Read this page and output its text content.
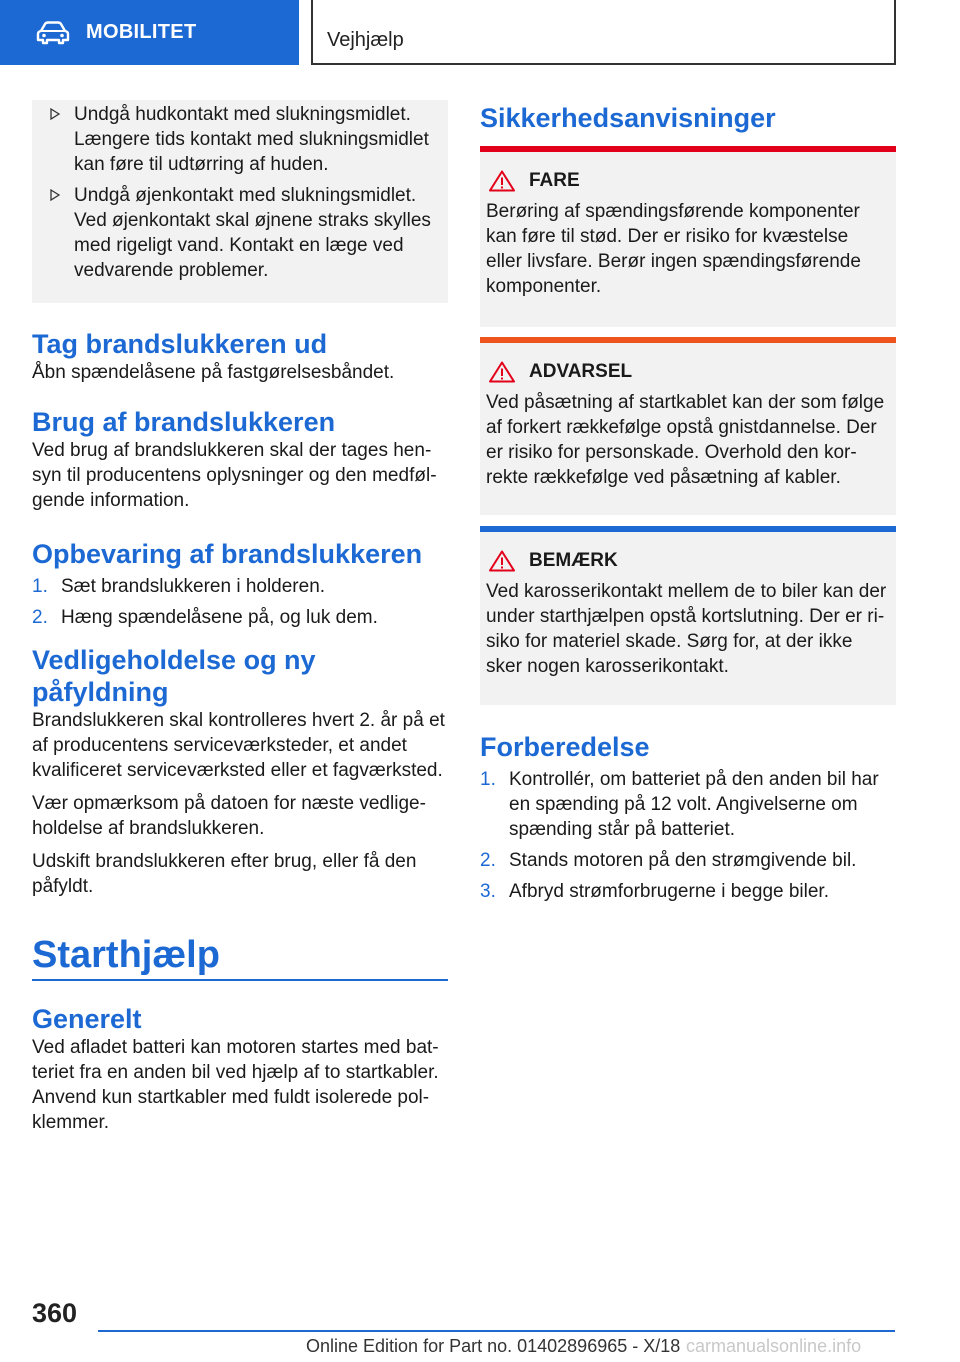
MOBILITET	Vejhjælp
Undgå hudkontakt med slukningsmidlet. Længere tids kontakt med slukningsmidlet kan føre til udtørring af huden.
Undgå øjenkontakt med slukningsmidlet. Ved øjenkontakt skal øjnene straks skylles med rigeligt vand. Kontakt en læge ved vedvarende problemer.
Tag brandslukkeren ud

Åbn spændelåsene på fastgørelsesbåndet.

Brug af brandslukkeren

Ved brug af brandslukkeren skal der tages hensyn til producentens oplysninger og den medfølgende information.

Opbevaring af brandslukkeren
1. Sæt brandslukkeren i holderen.
2. Hæng spændelåsene på, og luk dem.
Vedligeholdelse og ny påfyldning

Brandslukkeren skal kontrolleres hvert 2. år på et af producentens serviceværksteder, et andet kvalificeret serviceværksted eller et fagværksted.

Vær opmærksom på datoen for næste vedligeholdelse af brandslukkeren.

Udskift brandslukkeren efter brug, eller få den påfyldt.

Starthjælp
Generelt

Ved afladet batteri kan motoren startes med batteriet fra en anden bil ved hjælp af to startkabler. Anvend kun startkabler med fuldt isolerede polklemmer.

Sikkerhedsanvisninger
FARE

Berøring af spændingsførende komponenter kan føre til stød. Der er risiko for kvæstelse eller livsfare. Berør ingen spændingsførende komponenter.

ADVARSEL

Ved påsætning af startkablet kan der som følge af forkert rækkefølge opstå gnistdannelse. Der er risiko for personskade. Overhold den korrekte rækkefølge ved påsætning af kabler.

BEMÆRK

Ved karosserikontakt mellem de to biler kan der under starthjælpen opstå kortslutning. Der er risiko for materiel skade. Sørg for, at der ikke sker nogen karosserikontakt.

Forberedelse
1. Kontrollér, om batteriet på den anden bil har en spænding på 12 volt. Angivelserne om spænding står på batteriet.
2. Stands motoren på den strømgivende bil.
3. Afbryd strømforbrugerne i begge biler.
360
Online Edition for Part no. 01402896965 - X/18 carmanualsonline.info
